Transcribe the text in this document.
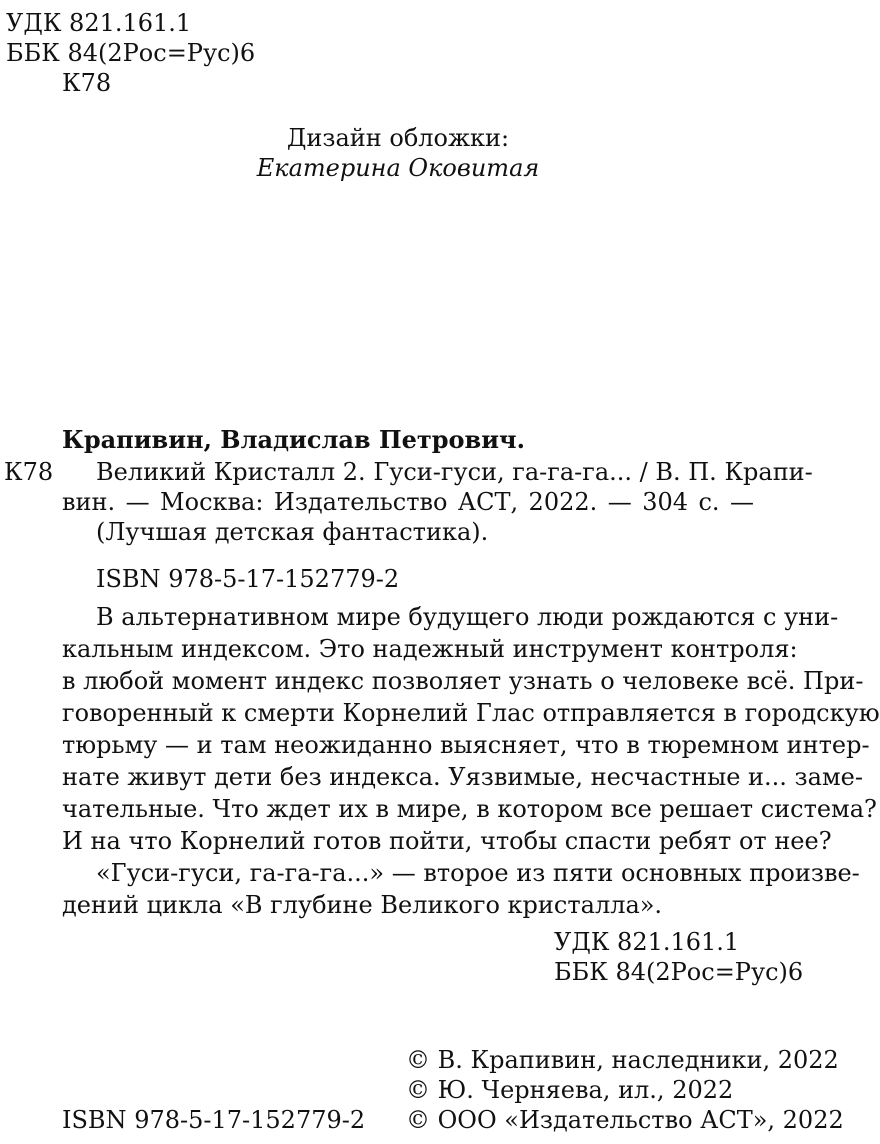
УДК 821.161.1
ББК 84(2Рос=Рус)6
К78
Дизайн обложки:
Екатерина Оковитая
Крапивин, Владислав Петрович.
К78 Великий Кристалл 2. Гуси-гуси, га-га-га... / В. П. Крапи-
вин. — Москва: Издательство АСТ, 2022. — 304 с. —
(Лучшая детская фантастика).
ISBN 978-5-17-152779-2
В альтернативном мире будущего люди рождаются с уни-
кальным индексом. Это надежный инструмент контроля:
в любой момент индекс позволяет узнать о человеке всё. При-
говоренный к смерти Корнелий Глас отправляется в городскую
тюрьму — и там неожиданно выясняет, что в тюремном интер-
нате живут дети без индекса. Уязвимые, несчастные и... заме-
чательные. Что ждет их в мире, в котором все решает система?
И на что Корнелий готов пойти, чтобы спасти ребят от нее?
«Гуси-гуси, га-га-га...» — второе из пяти основных произве-
дений цикла «В глубине Великого кристалла».
УДК 821.161.1
ББК 84(2Рос=Рус)6
© В. Крапивин, наследники, 2022
© Ю. Черняева, ил., 2022
© ООО «Издательство АСТ», 2022
ISBN 978-5-17-152779-2
